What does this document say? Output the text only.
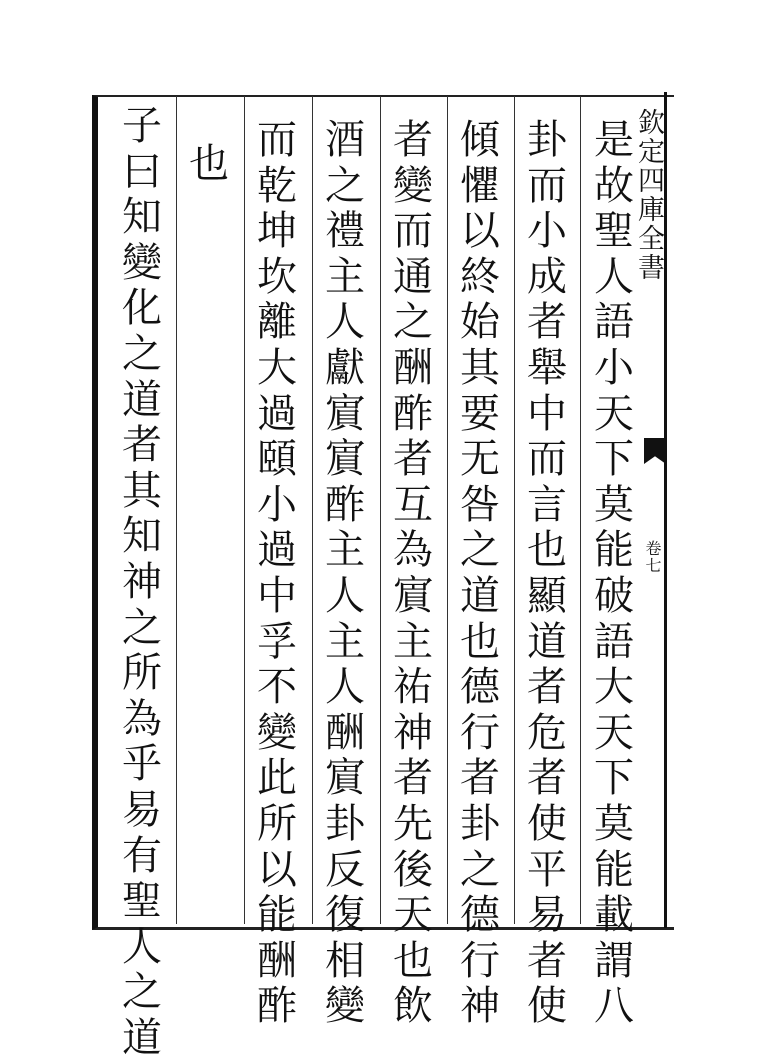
欽定四庫全書
卷七
是
故
聖
人
語
小
天
下
莫
能
破
語
大
天
下
莫
能
載
謂
八
卦
而
小
成
者
舉
中
而
言
也
顯
道
者
危
者
使
平
易
者
使
傾
懼
以
終
始
其
要
无
咎
之
道
也
德
行
者
卦
之
德
行
神
者
變
而
通
之
酬
酢
者
互
為
賔
主
祐
神
者
先
後
天
也
飲
酒
之
禮
主
人
獻
賔
賔
酢
主
人
主
人
酬
賔
卦
反
復
相
變
而
乾
坤
坎
離
大
過
頤
小
過
中
孚
不
變
此
所
以
能
酬
酢
也
子
曰
知
變
化
之
道
者
其
知
神
之
所
為
乎
易
有
聖
人
之
道
